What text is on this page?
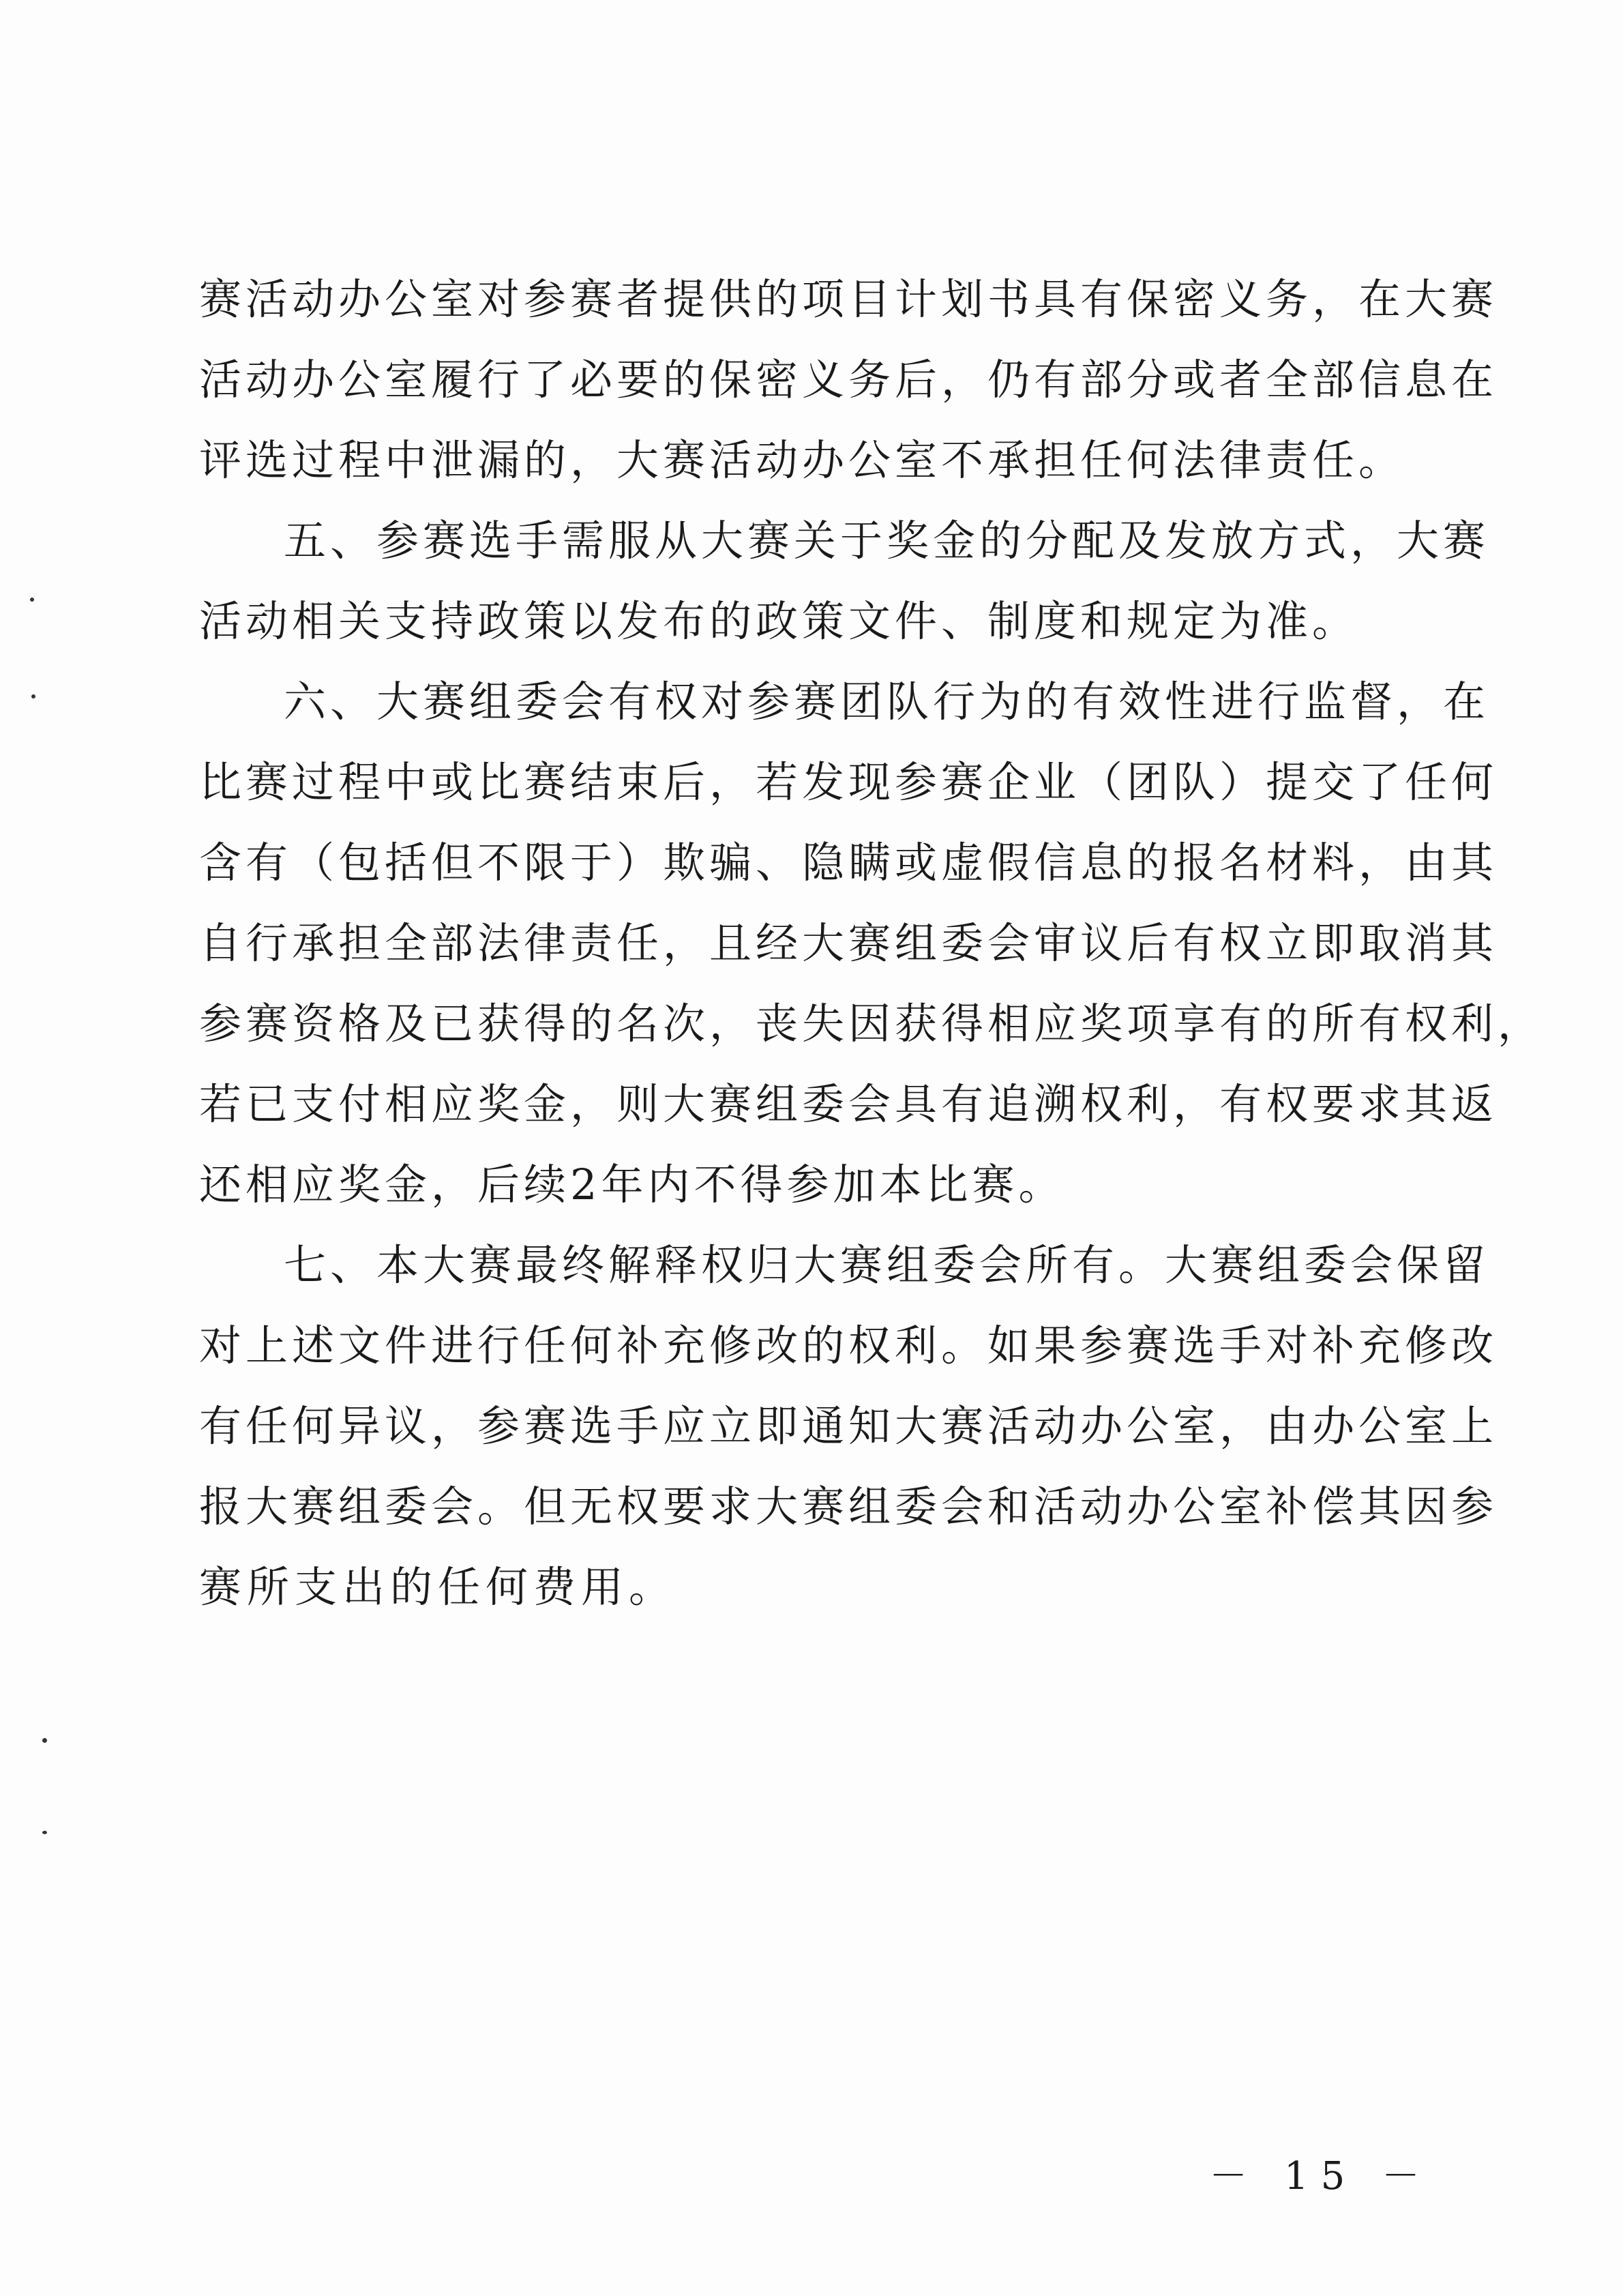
赛活动办公室对参赛者提供的项目计划书具有保密义务，在大赛
活动办公室履行了必要的保密义务后，仍有部分或者全部信息在
评选过程中泄漏的，大赛活动办公室不承担任何法律责任。
五、参赛选手需服从大赛关于奖金的分配及发放方式，大赛
活动相关支持政策以发布的政策文件、制度和规定为准。
六、大赛组委会有权对参赛团队行为的有效性进行监督，在
比赛过程中或比赛结束后，若发现参赛企业（团队）提交了任何
含有（包括但不限于）欺骗、隐瞒或虚假信息的报名材料，由其
自行承担全部法律责任，且经大赛组委会审议后有权立即取消其
参赛资格及已获得的名次，丧失因获得相应奖项享有的所有权利，
若已支付相应奖金，则大赛组委会具有追溯权利，有权要求其返
还相应奖金，后续2年内不得参加本比赛。
七、本大赛最终解释权归大赛组委会所有。大赛组委会保留
对上述文件进行任何补充修改的权利。如果参赛选手对补充修改
有任何异议，参赛选手应立即通知大赛活动办公室，由办公室上
报大赛组委会。但无权要求大赛组委会和活动办公室补偿其因参
赛所支出的任何费用。
－ 15 －
